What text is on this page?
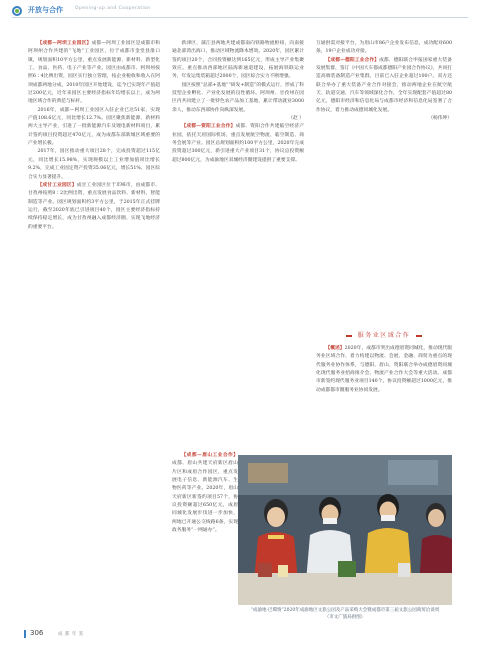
开放与合作	Opening-up and Cooperation

【成都—阿坝工业园区】成都—阿坝工业园区是成都市和阿坝州合作共建的“飞地”工业园区，位于成都市金堂县淮口镇，规划面积10平方公里，重点发展新能源、新材料、新型化工、食品、医药、电子产业等产业。园区由成都市、阿坝州按照6∶4比例出资，园区实行独立管理，按企业税收和收入在阿坝成都两地分成，2010年园区开始建设，迄今已实现年产值超过200亿元，近年来园区主要经济指标年均增长以上，成为两地区域合作的典范与标杆。

2016年，成都—阿坝工业园区入驻企业已达51家，实现产值108.6亿元，同比增长12.7%。园区聚焦新能源、新材料两大主导产业，引进了一批新能源汽车及锂电新材料项目，累计签约项目投资超过470亿元，成为成都东部新城区域重要的产业增长极。

2017年，园区推动重大项目28个，完成投资超过115亿元，同比增长15.98%，实现规模以上工业增加值同比增长9.2%，完成工业固定资产投资35.06亿元，增长51%，园区综合实力显著提升。

【成甘工业园区】成甘工业园区位于邛崃市，由成都市、甘孜州按照8∶2比例出资，重点发展食品饮料、新材料、智能制造等产业。园区规划面积约3平方公里，于2015年正式挂牌运行，截至2020年底已引进项目40个，园区主要经济指标持续保持稳定增长，成为甘孜州融入成都经济圈、实现飞地经济的重要平台。

新津区、蒲江县两地共建成都南向铁路物流枢纽，向南接通北部湾出海口，推动区域物流降本增效。2020年，园区累计签约项目20个，合同投资额达到165亿元，形成主导产业集聚效应。重点推动西部地区陆海新通道建设，拓展海铁联运业务，年发运集装箱超过2000个，园区综合实力不断增强。

园区按照“总部+基地”“研发+制造”的模式运行，形成了科技型企业孵化、产业化发展的良性循环。阿坝州、甘孜州在园区内共同建立了一批特色农产品加工基地，累计带动就业3000余人，推动东西部协作向纵深发展。

（赵 ）

【成都—资阳工业合作】成都、资阳合作共建临空经济产业园，依托天府国际机场，重点发展航空物流、临空制造、商务会展等产业。园区总规划面积约100平方公里，2020年完成投资超过300亿元，新引进重大产业项目31个，协议总投资额超过800亿元，为成渝地区双城经济圈建设提供了重要支撑。

【成都—眉山工业合作】成都、眉山共建天府新区眉山片区和成眉合作园区，重点发展电子信息、新能源汽车、生物医药等产业。2020年，眉山天府新区新签约项目57个，协议投资额超过650亿元，成眉同城化发展步伐进一步加快，两地已开通公交线路6条，实现政务服务“一网通办”。

互通供需对接平台，为眉山市86户企业发布信息，成功配对600条，19户企业成功对接。

【成都—德阳工业合作】成都、德阳联合申报国家重大装备发展集群，签订《中国大车都成都德阳产业园合作协议》，共同打造高端装备制造产业集群，目前已入驻企业超过100户。双方还联合举办了重大装备产业合作对接会，推动两地企业在航空航天、轨道交通、汽车等领域深化合作，全年实现配套产值超过80亿元，德阳市经济和信息化局与成都市经济和信息化局签署了合作协议，着力推动成德同城化发展。

（杨伟坤）

服务业区域合作

【概述】2020年，成都市突出成德眉资同城化，推动现代服务业区域合作，着力构建以物流、会展、金融、商贸为重点的现代服务业协作体系，与德阳、眉山、资阳联合举办成德眉资同城化现代服务业招商推介会、物流产业合作大会等重大活动。成都市新签约现代服务业项目140个，协议投资额超过1000亿元，推动成都都市圈服务业协同发展。

“成渝地·巴蜀情”2020年成渝地区文旅公园及产品采购大会暨成都市第三届文旅公园商贸洽谈周
（市文广旅局供图）
306	成 都 年 鉴
